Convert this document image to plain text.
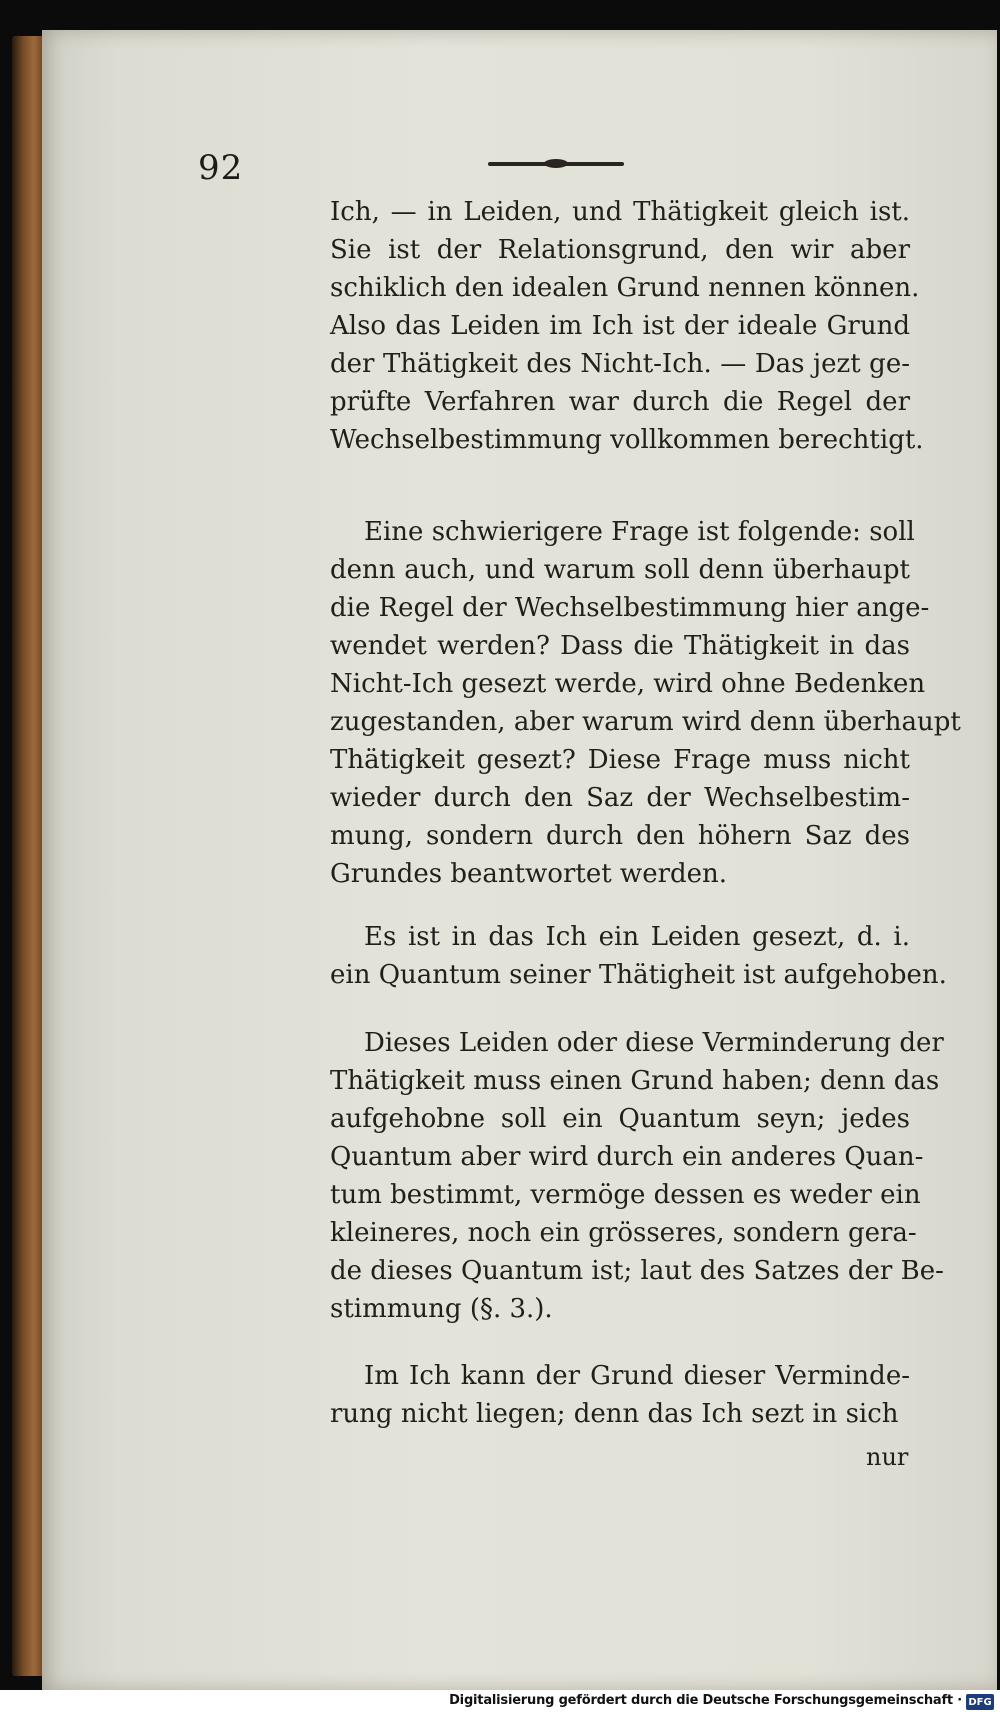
92
Ich, — in Leiden, und Thätigkeit gleich ist.
Sie ist der Relationsgrund, den wir aber
schiklich den idealen Grund nennen können.
Also das Leiden im Ich ist der ideale Grund
der Thätigkeit des Nicht-Ich. — Das jezt ge-
prüfte Verfahren war durch die Regel der
Wechselbestimmung vollkommen berechtigt.
Eine schwierigere Frage ist folgende: soll
denn auch, und warum soll denn überhaupt
die Regel der Wechselbestimmung hier ange-
wendet werden? Dass die Thätigkeit in das
Nicht-Ich gesezt werde, wird ohne Bedenken
zugestanden, aber warum wird denn überhaupt
Thätigkeit gesezt? Diese Frage muss nicht
wieder durch den Saz der Wechselbestim-
mung, sondern durch den höhern Saz des
Grundes beantwortet werden.
Es ist in das Ich ein Leiden gesezt, d. i.
ein Quantum seiner Thätigheit ist aufgehoben.
Dieses Leiden oder diese Verminderung der
Thätigkeit muss einen Grund haben; denn das
aufgehobne soll ein Quantum seyn; jedes
Quantum aber wird durch ein anderes Quan-
tum bestimmt, vermöge dessen es weder ein
kleineres, noch ein grösseres, sondern gera-
de dieses Quantum ist; laut des Satzes der Be-
stimmung (§. 3.).
Im Ich kann der Grund dieser Verminde-
rung nicht liegen; denn das Ich sezt in sich
nur
Digitalisierung gefördert durch die Deutsche Forschungsgemeinschaft · DFG
